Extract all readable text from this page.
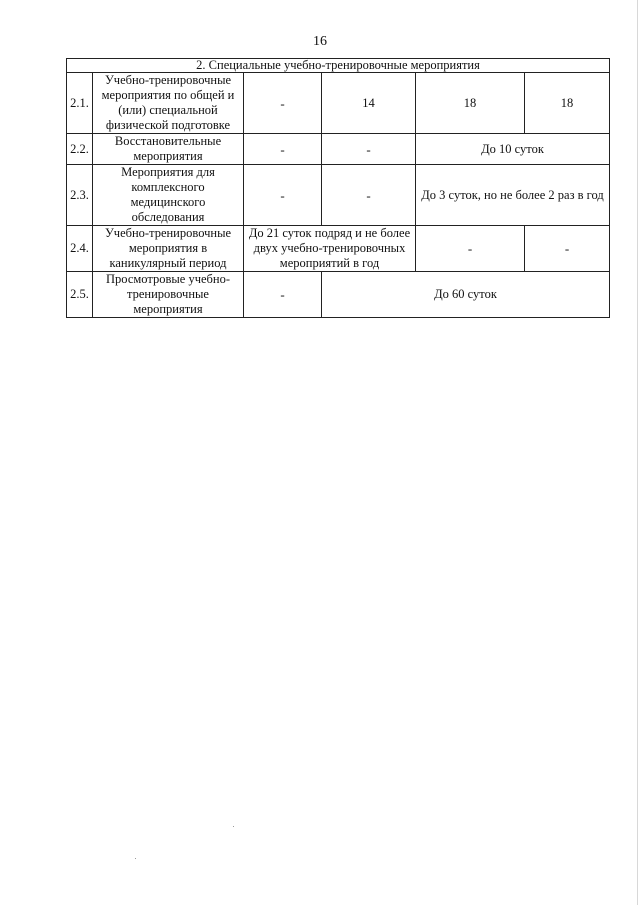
16
2. Специальные учебно-тренировочные мероприятия					
2.1.	Учебно-тренировочные мероприятия по общей и (или) специальной физической подготовке	-	14	18	18
2.2.	Восстановительные мероприятия	-	-	До 10 суток	
2.3.	Мероприятия для комплексного медицинского обследования	-	-	До 3 суток, но не более 2 раз в год	
2.4.	Учебно-тренировочные мероприятия в каникулярный период	До 21 суток подряд и не более двух учебно-тренировочных мероприятий в год		-	-
2.5.	Просмотровые учебно-тренировочные мероприятия	-	До 60 суток		
